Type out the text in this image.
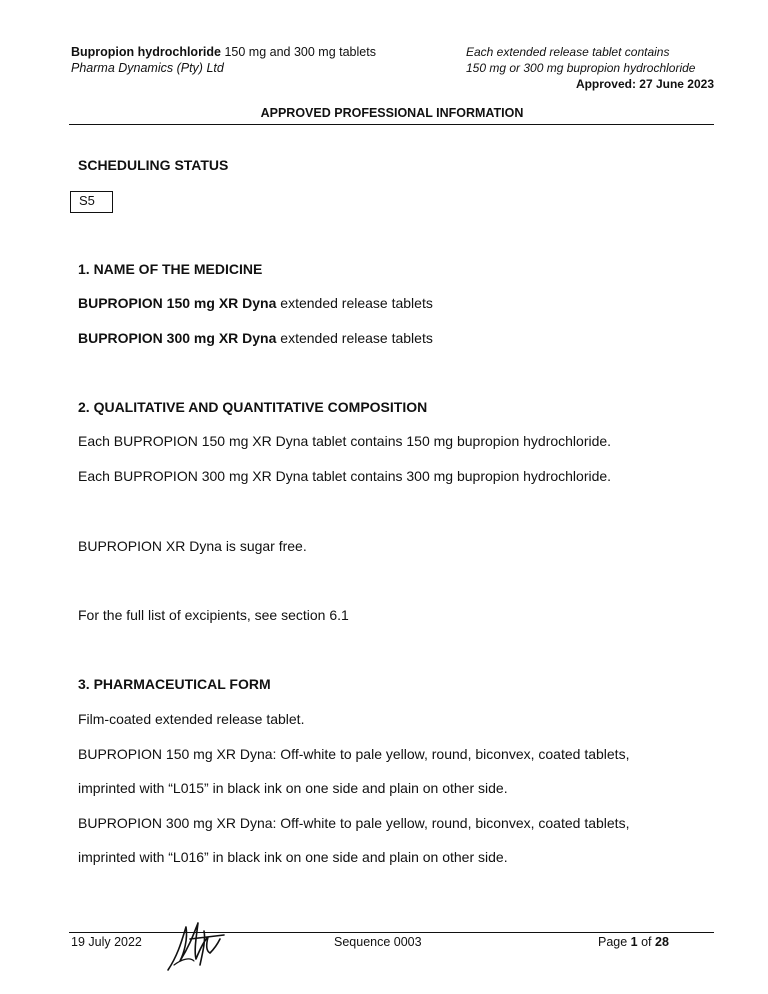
Bupropion hydrochloride 150 mg and 300 mg tablets
Pharma Dynamics (Pty) Ltd
Each extended release tablet contains
150 mg or 300 mg bupropion hydrochloride
Approved: 27 June 2023
APPROVED PROFESSIONAL INFORMATION
SCHEDULING STATUS
S5
1. NAME OF THE MEDICINE
BUPROPION 150 mg XR Dyna extended release tablets
BUPROPION 300 mg XR Dyna extended release tablets
2. QUALITATIVE AND QUANTITATIVE COMPOSITION
Each BUPROPION 150 mg XR Dyna tablet contains 150 mg bupropion hydrochloride.
Each BUPROPION 300 mg XR Dyna tablet contains 300 mg bupropion hydrochloride.
BUPROPION XR Dyna is sugar free.
For the full list of excipients, see section 6.1
3. PHARMACEUTICAL FORM
Film-coated extended release tablet.
BUPROPION 150 mg XR Dyna: Off-white to pale yellow, round, biconvex, coated tablets,
imprinted with “L015” in black ink on one side and plain on other side.
BUPROPION 300 mg XR Dyna: Off-white to pale yellow, round, biconvex, coated tablets,
imprinted with “L016” in black ink on one side and plain on other side.
19 July 2022	Sequence 0003	Page 1 of 28
